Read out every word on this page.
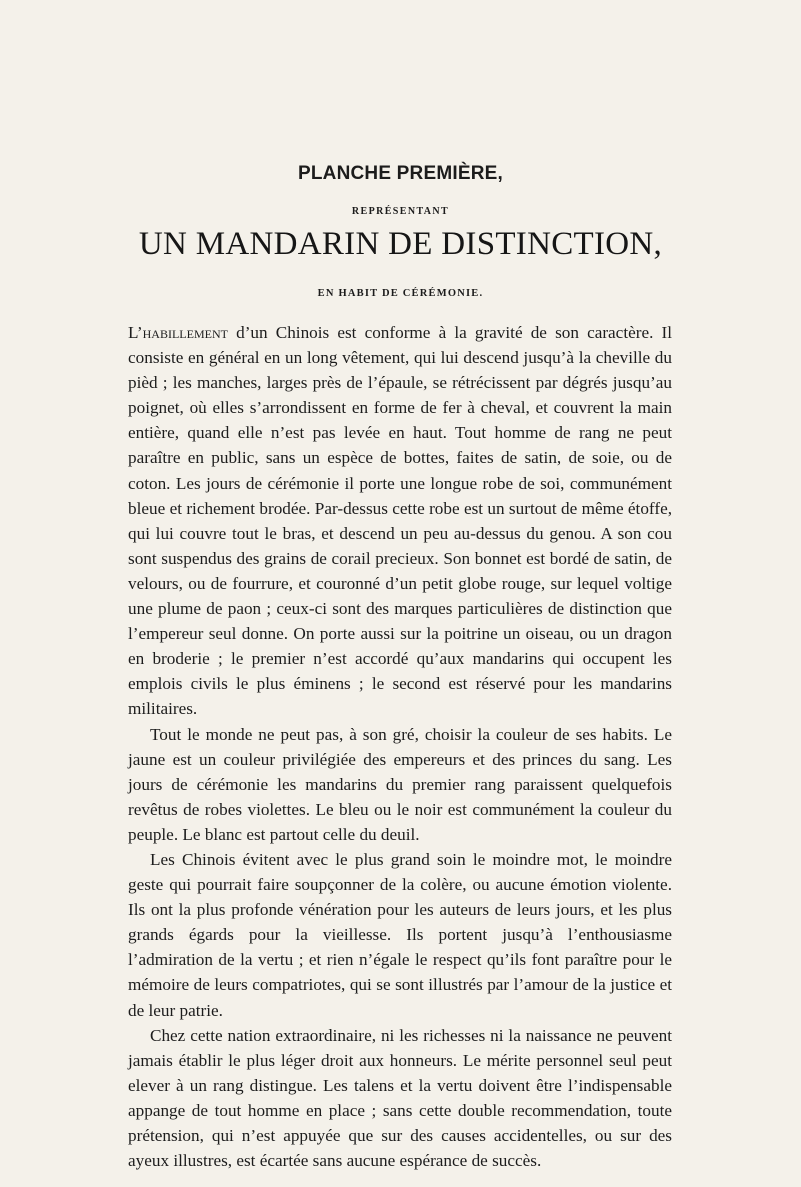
PLANCHE PREMIÈRE,
REPRÉSENTANT
UN MANDARIN DE DISTINCTION,
EN HABIT DE CÉRÉMONIE.

L’habillement d’un Chinois est conforme à la gravité de son caractère. Il consiste en général en un long vêtement, qui lui descend jusqu’à la cheville du pièd ; les manches, larges près de l’épaule, se rétrécissent par dégrés jusqu’au poignet, où elles s’arrondissent en forme de fer à cheval, et couvrent la main entière, quand elle n’est pas levée en haut. Tout homme de rang ne peut paraître en public, sans un espèce de bottes, faites de satin, de soie, ou de coton. Les jours de cérémonie il porte une longue robe de soi, communément bleue et richement brodée. Par-dessus cette robe est un surtout de même étoffe, qui lui couvre tout le bras, et descend un peu au-dessus du genou. A son cou sont suspendus des grains de corail precieux. Son bonnet est bordé de satin, de velours, ou de fourrure, et couronné d’un petit globe rouge, sur lequel voltige une plume de paon ; ceux-ci sont des marques particulières de distinction que l’empereur seul donne. On porte aussi sur la poitrine un oiseau, ou un dragon en broderie ; le premier n’est accordé qu’aux mandarins qui occupent les emplois civils le plus éminens ; le second est réservé pour les mandarins militaires.

Tout le monde ne peut pas, à son gré, choisir la couleur de ses habits. Le jaune est un couleur privilégiée des empereurs et des princes du sang. Les jours de cérémonie les mandarins du premier rang paraissent quelquefois revêtus de robes violettes. Le bleu ou le noir est communément la couleur du peuple. Le blanc est partout celle du deuil.

Les Chinois évitent avec le plus grand soin le moindre mot, le moindre geste qui pourrait faire soupçonner de la colère, ou aucune émotion violente. Ils ont la plus profonde vénération pour les auteurs de leurs jours, et les plus grands égards pour la vieillesse. Ils portent jusqu’à l’enthousiasme l’admiration de la vertu ; et rien n’égale le respect qu’ils font paraître pour le mémoire de leurs compatriotes, qui se sont illustrés par l’amour de la justice et de leur patrie.

Chez cette nation extraordinaire, ni les richesses ni la naissance ne peuvent jamais établir le plus léger droit aux honneurs. Le mérite personnel seul peut elever à un rang distingue. Les talens et la vertu doivent être l’indispensable appange de tout homme en place ; sans cette double recommendation, toute prétension, qui n’est appuyée que sur des causes accidentelles, ou sur des ayeux illustres, est écartée sans aucune espérance de succès.
